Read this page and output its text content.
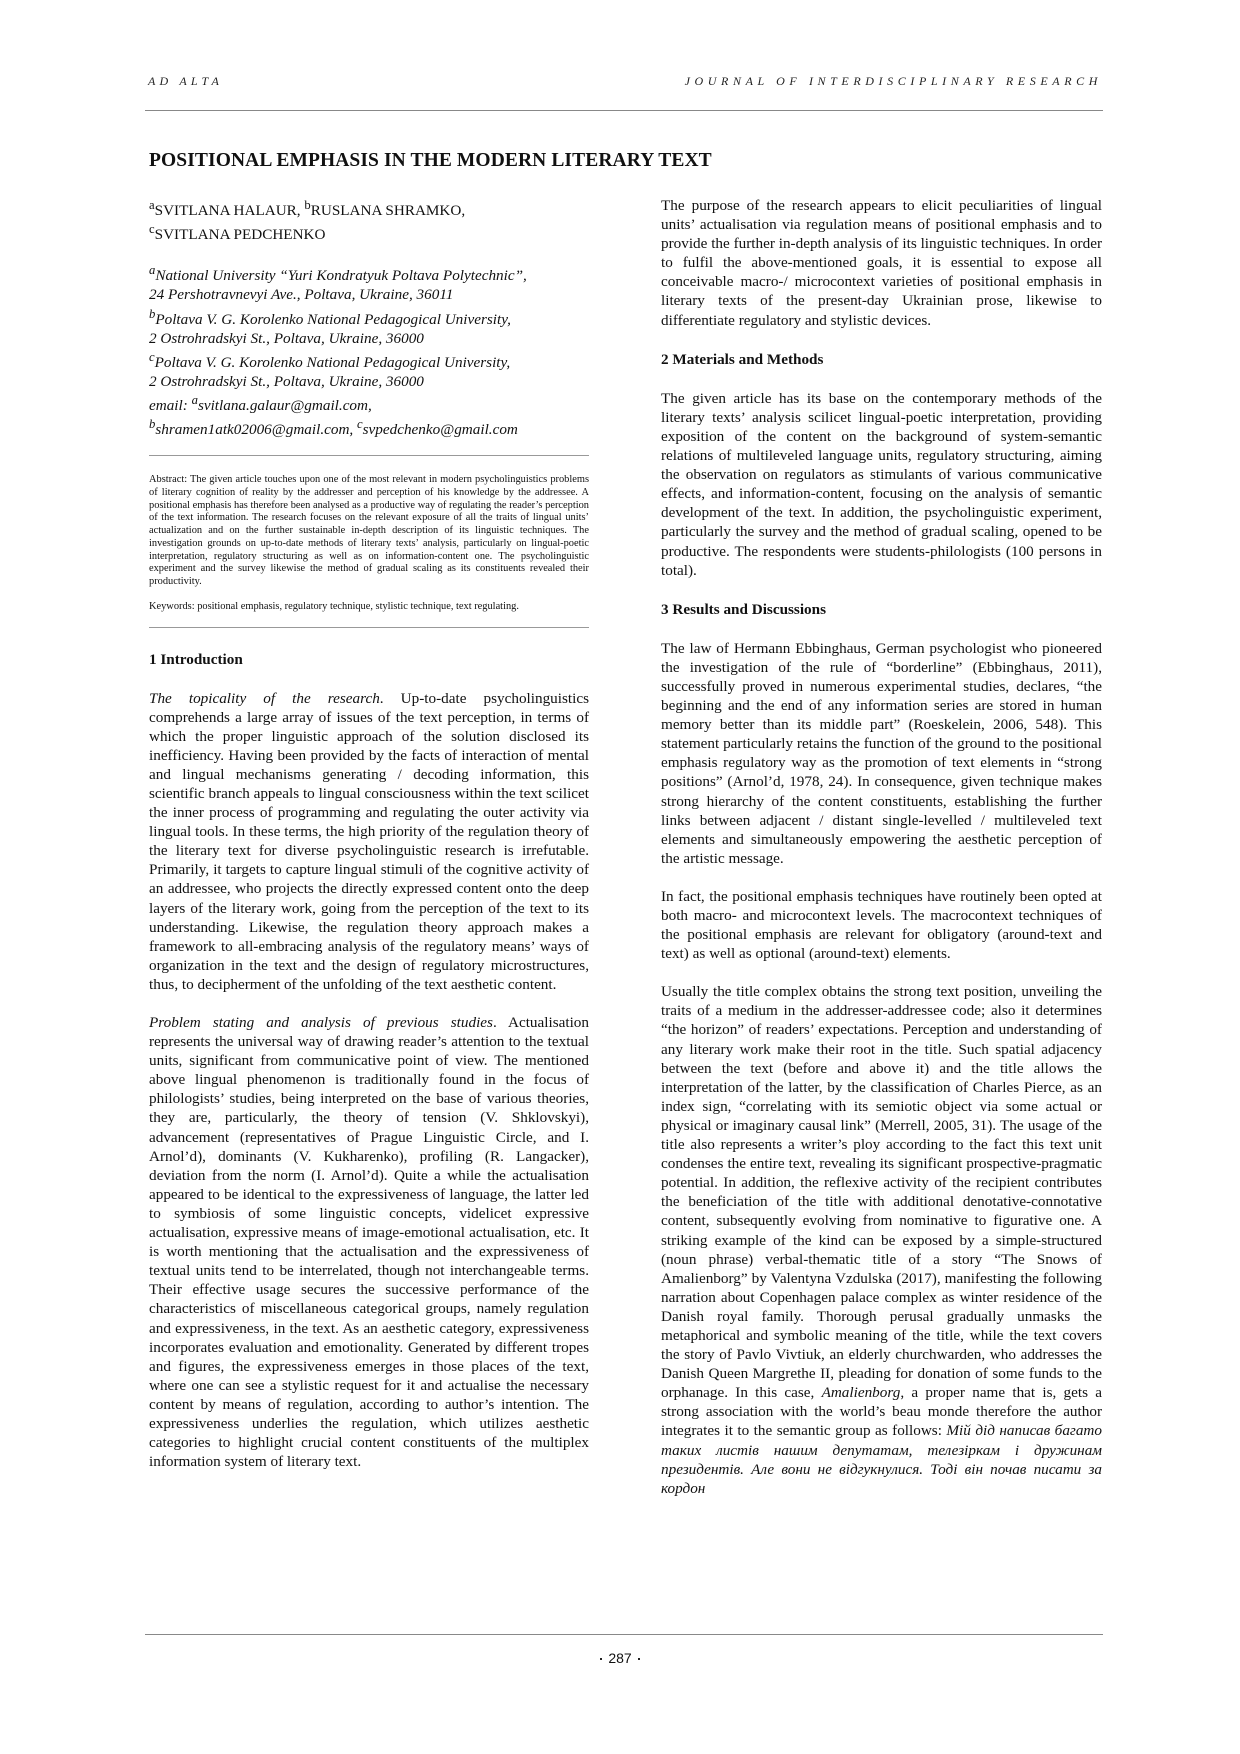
AD ALTA	JOURNAL OF INTERDISCIPLINARY RESEARCH
POSITIONAL EMPHASIS IN THE MODERN LITERARY TEXT

$^a$SVITLANA HALAUR, $^b$RUSLANA SHRAMKO,
$^c$SVITLANA PEDCHENKO

$^a$National University “Yuri Kondratyuk Poltava Polytechnic”,
24 Pershotravnevyi Ave., Poltava, Ukraine, 36011
$^b$Poltava V. G. Korolenko National Pedagogical University,
2 Ostrohradskyi St., Poltava, Ukraine, 36000
$^c$Poltava V. G. Korolenko National Pedagogical University,
2 Ostrohradskyi St., Poltava, Ukraine, 36000
email: $^a$svitlana.galaur@gmail.com,
$^b$shramen1atk02006@gmail.com, $^c$svpedchenko@gmail.com

Abstract: The given article touches upon one of the most relevant in modern psycholinguistics problems of literary cognition of reality by the addresser and perception of his knowledge by the addressee. A positional emphasis has therefore been analysed as a productive way of regulating the reader’s perception of the text information. The research focuses on the relevant exposure of all the traits of lingual units’ actualization and on the further sustainable in-depth description of its linguistic techniques. The investigation grounds on up-to-date methods of literary texts’ analysis, particularly on lingual-poetic interpretation, regulatory structuring as well as on information-content one. The psycholinguistic experiment and the survey likewise the method of gradual scaling as its constituents revealed their productivity.

Keywords: positional emphasis, regulatory technique, stylistic technique, text regulating.

1 Introduction

The topicality of the research. Up-to-date psycholinguistics comprehends a large array of issues of the text perception, in terms of which the proper linguistic approach of the solution disclosed its inefficiency. Having been provided by the facts of interaction of mental and lingual mechanisms generating / decoding information, this scientific branch appeals to lingual consciousness within the text scilicet the inner process of programming and regulating the outer activity via lingual tools. In these terms, the high priority of the regulation theory of the literary text for diverse psycholinguistic research is irrefutable. Primarily, it targets to capture lingual stimuli of the cognitive activity of an addressee, who projects the directly expressed content onto the deep layers of the literary work, going from the perception of the text to its understanding. Likewise, the regulation theory approach makes a framework to all-embracing analysis of the regulatory means’ ways of organization in the text and the design of regulatory microstructures, thus, to decipherment of the unfolding of the text aesthetic content.

Problem stating and analysis of previous studies. Actualisation represents the universal way of drawing reader’s attention to the textual units, significant from communicative point of view. The mentioned above lingual phenomenon is traditionally found in the focus of philologists’ studies, being interpreted on the base of various theories, they are, particularly, the theory of tension (V. Shklovskyi), advancement (representatives of Prague Linguistic Circle, and I. Arnol’d), dominants (V. Kukharenko), profiling (R. Langacker), deviation from the norm (I. Arnol’d). Quite a while the actualisation appeared to be identical to the expressiveness of language, the latter led to symbiosis of some linguistic concepts, videlicet expressive actualisation, expressive means of image-emotional actualisation, etc. It is worth mentioning that the actualisation and the expressiveness of textual units tend to be interrelated, though not interchangeable terms. Their effective usage secures the successive performance of the characteristics of miscellaneous categorical groups, namely regulation and expressiveness, in the text. As an aesthetic category, expressiveness incorporates evaluation and emotionality. Generated by different tropes and figures, the expressiveness emerges in those places of the text, where one can see a stylistic request for it and actualise the necessary content by means of regulation, according to author’s intention. The expressiveness underlies the regulation, which utilizes aesthetic categories to highlight crucial content constituents of the multiplex information system of literary text.

The purpose of the research appears to elicit peculiarities of lingual units’ actualisation via regulation means of positional emphasis and to provide the further in-depth analysis of its linguistic techniques. In order to fulfil the above-mentioned goals, it is essential to expose all conceivable macro-/ microcontext varieties of positional emphasis in literary texts of the present-day Ukrainian prose, likewise to differentiate regulatory and stylistic devices.

2 Materials and Methods

The given article has its base on the contemporary methods of the literary texts’ analysis scilicet lingual-poetic interpretation, providing exposition of the content on the background of system-semantic relations of multileveled language units, regulatory structuring, aiming the observation on regulators as stimulants of various communicative effects, and information-content, focusing on the analysis of semantic development of the text. In addition, the psycholinguistic experiment, particularly the survey and the method of gradual scaling, opened to be productive. The respondents were students-philologists (100 persons in total).

3 Results and Discussions

The law of Hermann Ebbinghaus, German psychologist who pioneered the investigation of the rule of “borderline” (Ebbinghaus, 2011), successfully proved in numerous experimental studies, declares, “the beginning and the end of any information series are stored in human memory better than its middle part” (Roeskelein, 2006, 548). This statement particularly retains the function of the ground to the positional emphasis regulatory way as the promotion of text elements in “strong positions” (Arnol’d, 1978, 24). In consequence, given technique makes strong hierarchy of the content constituents, establishing the further links between adjacent / distant single-levelled / multileveled text elements and simultaneously empowering the aesthetic perception of the artistic message.

In fact, the positional emphasis techniques have routinely been opted at both macro- and microcontext levels. The macrocontext techniques of the positional emphasis are relevant for obligatory (around-text and text) as well as optional (around-text) elements.

Usually the title complex obtains the strong text position, unveiling the traits of a medium in the addresser-addressee code; also it determines “the horizon” of readers’ expectations. Perception and understanding of any literary work make their root in the title. Such spatial adjacency between the text (before and above it) and the title allows the interpretation of the latter, by the classification of Charles Pierce, as an index sign, “correlating with its semiotic object via some actual or physical or imaginary causal link” (Merrell, 2005, 31). The usage of the title also represents a writer’s ploy according to the fact this text unit condenses the entire text, revealing its significant prospective-pragmatic potential. In addition, the reflexive activity of the recipient contributes the beneficiation of the title with additional denotative-connotative content, subsequently evolving from nominative to figurative one. A striking example of the kind can be exposed by a simple-structured (noun phrase) verbal-thematic title of a story “The Snows of Amalienborg” by Valentyna Vzdulska (2017), manifesting the following narration about Copenhagen palace complex as winter residence of the Danish royal family. Thorough perusal gradually unmasks the metaphorical and symbolic meaning of the title, while the text covers the story of Pavlo Vivtiuk, an elderly churchwarden, who addresses the Danish Queen Margrethe II, pleading for donation of some funds to the orphanage. In this case, Amalienborg, a proper name that is, gets a strong association with the world’s beau monde therefore the author integrates it to the semantic group as follows: Мій дід написав багато таких листів нашим депутатам, телезіркам і дружинам президентів. Але вони не відгукнулися. Тоді він почав писати за кордон

287
